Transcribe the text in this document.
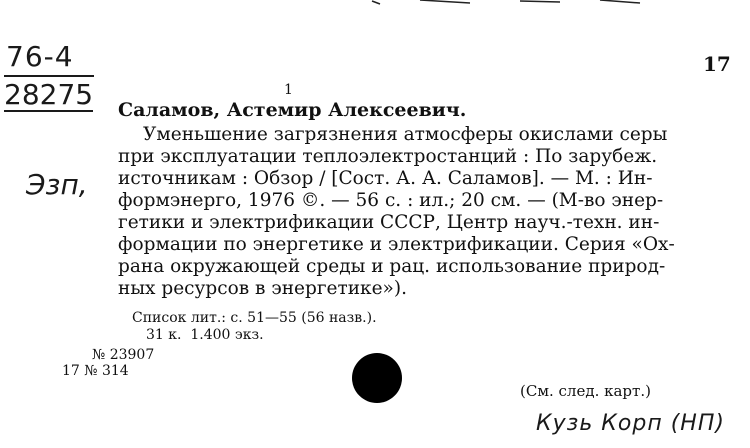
76-4
28275
Эзп,
17
1
Саламов, Астемир Алексеевич.
Уменьшение загрязнения атмосферы окислами серы
при эксплуатации теплоэлектростанций : По зарубеж.
источникам : Обзор / [Сост. А. А. Саламов]. — М. : Ин-
формэнерго, 1976 ©. — 56 с. : ил.; 20 см. — (М-во энер-
гетики и электрификации СССР, Центр науч.-техн. ин-
формации по энергетике и электрификации. Серия «Ох-
рана окружающей среды и рац. использование природ-
ных ресурсов в энергетике»).
Список лит.: с. 51—55 (56 назв.).
31 к.  1.400 экз.
№ 23907
17 № 314
(См. след. карт.)
Кузь Корп (НП)
